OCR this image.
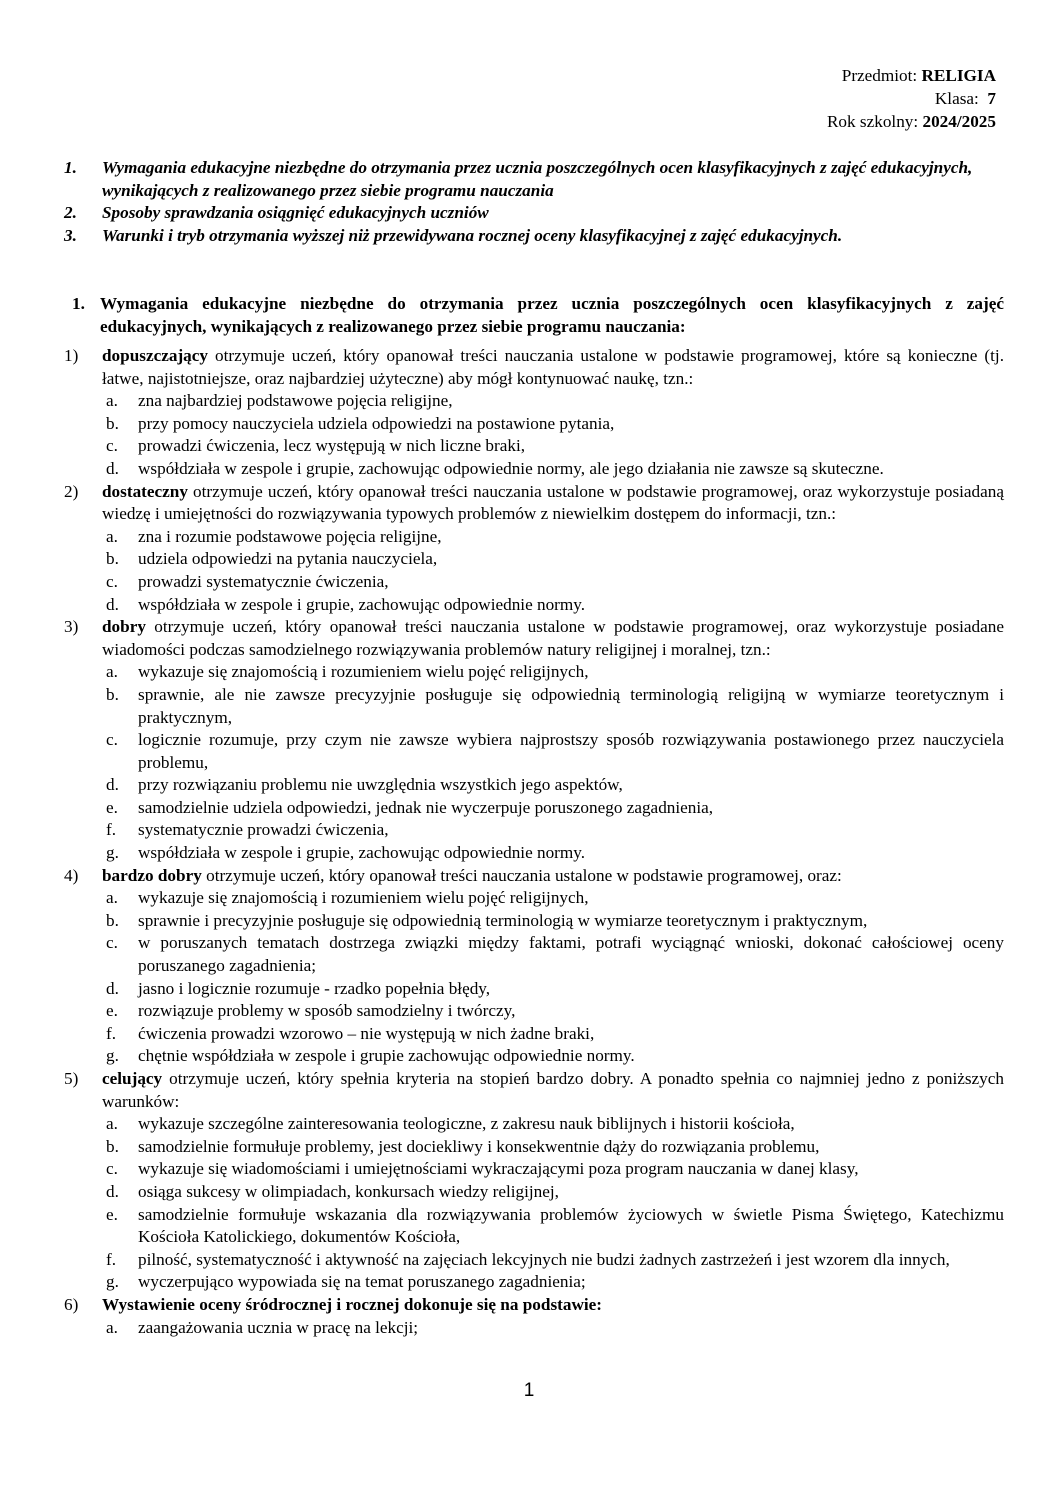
Przedmiot: RELIGIA
Klasa: 7
Rok szkolny: 2024/2025
1.	Wymagania edukacyjne niezbędne do otrzymania przez ucznia poszczególnych ocen klasyfikacyjnych z zajęć edukacyjnych, wynikających z realizowanego przez siebie programu nauczania
2.	Sposoby sprawdzania osiągnięć edukacyjnych uczniów
3.	Warunki i tryb otrzymania wyższej niż przewidywana rocznej oceny klasyfikacyjnej z zajęć edukacyjnych.
1. Wymagania edukacyjne niezbędne do otrzymania przez ucznia poszczególnych ocen klasyfikacyjnych z zajęć edukacyjnych, wynikających z realizowanego przez siebie programu nauczania:
1)	dopuszczający otrzymuje uczeń, który opanował treści nauczania ustalone w podstawie programowej, które są konieczne (tj. łatwe, najistotniejsze, oraz najbardziej użyteczne) aby mógł kontynuować naukę, tzn.:
a.	zna najbardziej podstawowe pojęcia religijne,
b.	przy pomocy nauczyciela udziela odpowiedzi na postawione pytania,
c.	prowadzi ćwiczenia, lecz występują w nich liczne braki,
d.	współdziała w zespole i grupie, zachowując odpowiednie normy, ale jego działania nie zawsze są skuteczne.
2)	dostateczny otrzymuje uczeń, który opanował treści nauczania ustalone w podstawie programowej, oraz wykorzystuje posiadaną wiedzę i umiejętności do rozwiązywania typowych problemów z niewielkim dostępem do informacji, tzn.:
a.	zna i rozumie podstawowe pojęcia religijne,
b.	udziela odpowiedzi na pytania nauczyciela,
c.	prowadzi systematycznie ćwiczenia,
d.	współdziała w zespole i grupie, zachowując odpowiednie normy.
3)	dobry otrzymuje uczeń, który opanował treści nauczania ustalone w podstawie programowej, oraz wykorzystuje posiadane wiadomości podczas samodzielnego rozwiązywania problemów natury religijnej i moralnej, tzn.:
a.	wykazuje się znajomością i rozumieniem wielu pojęć religijnych,
b.	sprawnie, ale nie zawsze precyzyjnie posługuje się odpowiednią terminologią religijną w wymiarze teoretycznym i praktycznym,
c.	logicznie rozumuje, przy czym nie zawsze wybiera najprostszy sposób rozwiązywania postawionego przez nauczyciela problemu,
d.	przy rozwiązaniu problemu nie uwzględnia wszystkich jego aspektów,
e.	samodzielnie udziela odpowiedzi, jednak nie wyczerpuje poruszonego zagadnienia,
f.	systematycznie prowadzi ćwiczenia,
g.	współdziała w zespole i grupie, zachowując odpowiednie normy.
4)	bardzo dobry otrzymuje uczeń, który opanował treści nauczania ustalone w podstawie programowej, oraz:
a.	wykazuje się znajomością i rozumieniem wielu pojęć religijnych,
b.	sprawnie i precyzyjnie posługuje się odpowiednią terminologią w wymiarze teoretycznym i praktycznym,
c.	w poruszanych tematach dostrzega związki między faktami, potrafi wyciągnąć wnioski, dokonać całościowej oceny poruszanego zagadnienia;
d.	jasno i logicznie rozumuje - rzadko popełnia błędy,
e.	rozwiązuje problemy w sposób samodzielny i twórczy,
f.	ćwiczenia prowadzi wzorowo – nie występują w nich żadne braki,
g.	chętnie współdziała w zespole i grupie zachowując odpowiednie normy.
5)	celujący otrzymuje uczeń, który spełnia kryteria na stopień bardzo dobry. A ponadto spełnia co najmniej jedno z poniższych warunków:
a.	wykazuje szczególne zainteresowania teologiczne, z zakresu nauk biblijnych i historii kościoła,
b.	samodzielnie formułuje problemy, jest dociekliwy i konsekwentnie dąży do rozwiązania problemu,
c.	wykazuje się wiadomościami i umiejętnościami wykraczającymi poza program nauczania w danej klasy,
d.	osiąga sukcesy w olimpiadach, konkursach wiedzy religijnej,
e.	samodzielnie formułuje wskazania dla rozwiązywania problemów życiowych w świetle Pisma Świętego, Katechizmu Kościoła Katolickiego, dokumentów Kościoła,
f.	pilność, systematyczność i aktywność na zajęciach lekcyjnych nie budzi żadnych zastrzeżeń i jest wzorem dla innych,
g.	wyczerpująco wypowiada się na temat poruszanego zagadnienia;
6)	Wystawienie oceny śródrocznej i rocznej dokonuje się na podstawie:
a.	zaangażowania ucznia w pracę na lekcji;
1
